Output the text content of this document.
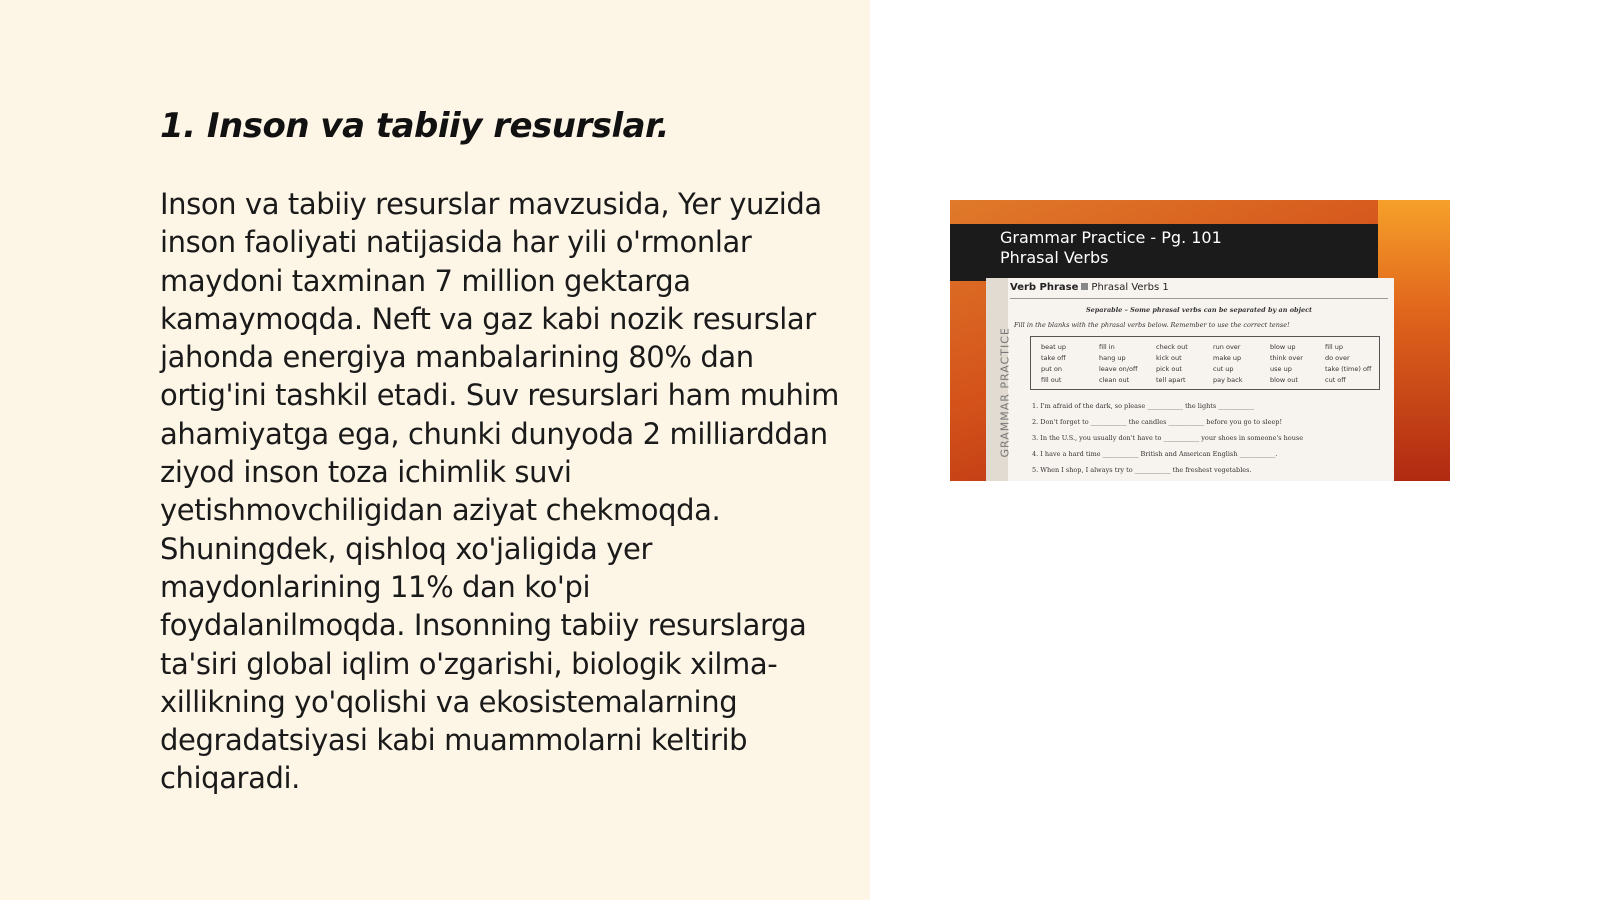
1. Inson va tabiiy resurslar.

Inson va tabiiy resurslar mavzusida, Yer yuzida inson faoliyati natijasida har yili o'rmonlar maydoni taxminan 7 million gektarga kamaymoqda. Neft va gaz kabi nozik resurslar jahonda energiya manbalarining 80% dan ortig'ini tashkil etadi. Suv resurslari ham muhim ahamiyatga ega, chunki dunyoda 2 milliarddan ziyod inson toza ichimlik suvi yetishmovchiligidan aziyat chekmoqda. Shuningdek, qishloq xo'jaligida yer maydonlarining 11% dan ko'pi foydalanilmoqda. Insonning tabiiy resurslarga ta'siri global iqlim o'zgarishi, biologik xilma-xillikning yo'qolishi va ekosistemalarning degradatsiyasi kabi muammolarni keltirib chiqaradi.

Grammar Practice - Pg. 101
Phrasal Verbs
GRAMMAR PRACTICE
Verb Phrase Phrasal Verbs 1
Separable – Some phrasal verbs can be separated by an object
Fill in the blanks with the phrasal verbs below. Remember to use the correct tense!
beat up
take off
put on
fill out
fill in
hang up
leave on/off
clean out
check out
kick out
pick out
tell apart
run over
make up
cut up
pay back
blow up
think over
use up
blow out
fill up
do over
take (time) off
cut off
1. I'm afraid of the dark, so please ___________ the lights ___________
2. Don't forget to ___________ the candles ___________ before you go to sleep!
3. In the U.S., you usually don't have to ___________ your shoes in someone's house
4. I have a hard time ___________ British and American English ___________.
5. When I shop, I always try to ___________ the freshest vegetables.
